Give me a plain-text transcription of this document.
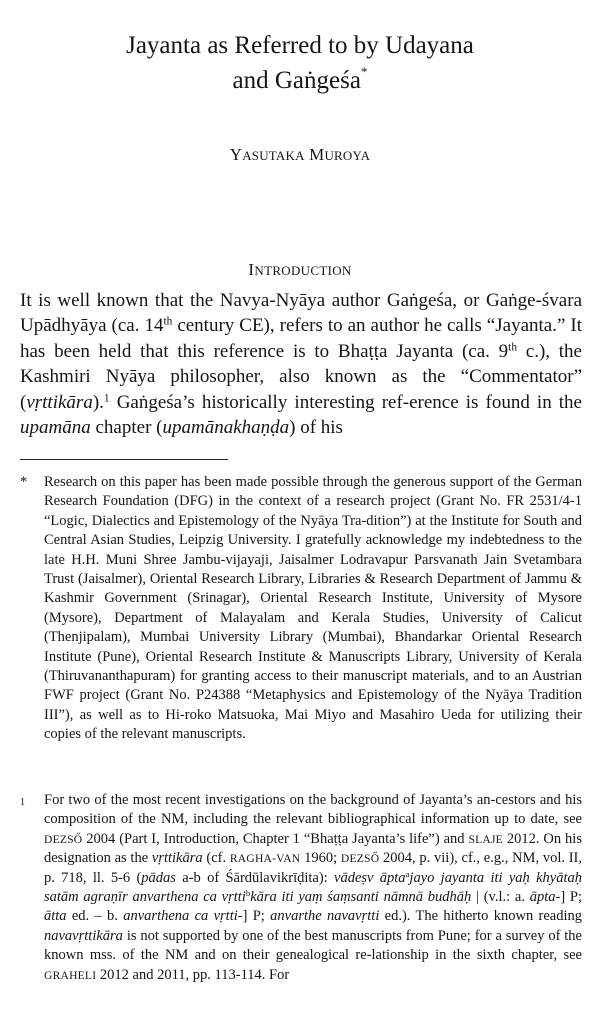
Jayanta as Referred to by Udayana
and Gaṅgeśa*
YASUTAKA MUROYA
INTRODUCTION
It is well known that the Navya-Nyāya author Gaṅgeśa, or Gaṅge-śvara Upādhyāya (ca. 14th century CE), refers to an author he calls “Jayanta.” It has been held that this reference is to Bhaṭṭa Jayanta (ca. 9th c.), the Kashmiri Nyāya philosopher, also known as the “Commentator” (vṛttikāra).$^1$ Gaṅgeśa’s historically interesting ref-erence is found in the upamāna chapter (upamānakhaṇḍa) of his
*	Research on this paper has been made possible through the generous support of the German Research Foundation (DFG) in the context of a research project (Grant No. FR 2531/4-1 “Logic, Dialectics and Epistemology of the Nyāya Tra-dition”) at the Institute for South and Central Asian Studies, Leipzig University. I gratefully acknowledge my indebtedness to the late H.H. Muni Shree Jambu-vijayaji, Jaisalmer Lodravapur Parsvanath Jain Svetambara Trust (Jaisalmer), Oriental Research Library, Libraries & Research Department of Jammu & Kashmir Government (Srinagar), Oriental Research Institute, University of Mysore (Mysore), Department of Malayalam and Kerala Studies, University of Calicut (Thenjipalam), Mumbai University Library (Mumbai), Bhandarkar Oriental Research Institute (Pune), Oriental Research Institute & Manuscripts Library, University of Kerala (Thiruvananthapuram) for granting access to their manuscript materials, and to an Austrian FWF project (Grant No. P24388 “Metaphysics and Epistemology of the Nyāya Tradition III”), as well as to Hi-roko Matsuoka, Mai Miyo and Masahiro Ueda for utilizing their copies of the relevant manuscripts.
1	For two of the most recent investigations on the background of Jayanta’s an-cestors and his composition of the NM, including the relevant bibliographical information up to date, see DEZSŐ 2004 (Part I, Introduction, Chapter 1 “Bhaṭṭa Jayanta’s life”) and SLAJE 2012. On his designation as the vṛttikāra (cf. RAGHA-VAN 1960; DEZSŐ 2004, p. vii), cf., e.g., NM, vol. II, p. 718, ll. 5-6 (pādas a-b of Śārdūlavikrīḍita): vādeṣv āpta$^a$jayo jayanta iti yaḥ khyātaḥ satām agraṇīr anvarthena ca vṛtti$^b$kāra iti yaṃ śaṃsanti nāmnā budhāḥ | (v.l.: a. āpta-] P; ātta ed. – b. anvarthena ca vṛtti-] P; anvarthe navavṛtti ed.). The hitherto known reading navavṛttikāra is not supported by one of the best manuscripts from Pune; for a survey of the known mss. of the NM and on their genealogical re-lationship in the sixth chapter, see GRAHELI 2012 and 2011, pp. 113-114. For
